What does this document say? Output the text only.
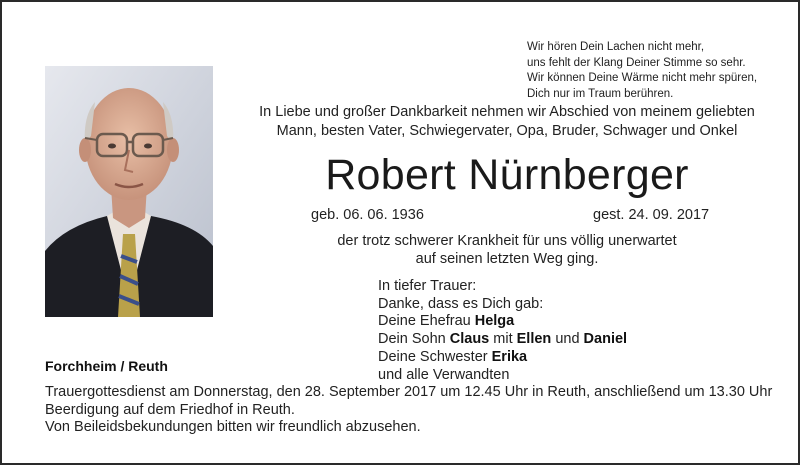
Wir hören Dein Lachen nicht mehr,
uns fehlt der Klang Deiner Stimme so sehr.
Wir können Deine Wärme nicht mehr spüren,
Dich nur im Traum berühren.
In Liebe und großer Dankbarkeit nehmen wir Abschied von meinem geliebten
Mann, besten Vater, Schwiegervater, Opa, Bruder, Schwager und Onkel
Robert Nürnberger
geb. 06. 06. 1936	gest. 24. 09. 2017
der trotz schwerer Krankheit für uns völlig unerwartet
auf seinen letzten Weg ging.
In tiefer Trauer:
Danke, dass es Dich gab:
Deine Ehefrau Helga
Dein Sohn Claus mit Ellen und Daniel
Deine Schwester Erika
und alle Verwandten
Forchheim / Reuth
Trauergottesdienst am Donnerstag, den 28. September 2017 um 12.45 Uhr in Reuth, anschließend um 13.30 Uhr
Beerdigung auf dem Friedhof in Reuth.
Von Beileidsbekundungen bitten wir freundlich abzusehen.
